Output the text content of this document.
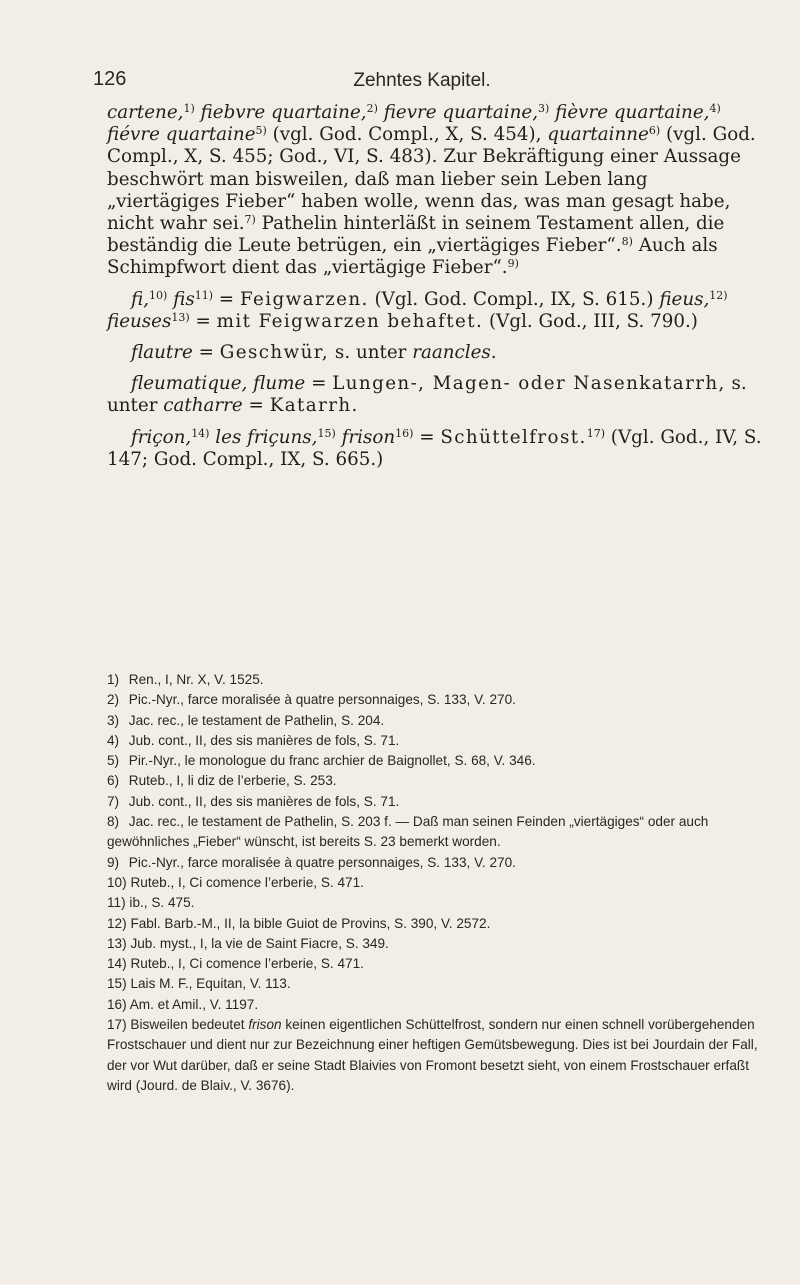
126	Zehntes Kapitel.

cartene,$^{1)}$ fiebvre quartaine,$^{2)}$ fievre quartaine,$^{3)}$ fièvre quartaine,$^{4)}$ fiévre quartaine$^{5)}$ (vgl. God. Compl., X, S. 454), quartainne$^{6)}$ (vgl. God. Compl., X, S. 455; God., VI, S. 483). Zur Bekräftigung einer Aussage beschwört man bisweilen, daß man lieber sein Leben lang „viertägiges Fieber“ haben wolle, wenn das, was man gesagt habe, nicht wahr sei.$^{7)}$ Pathelin hinterläßt in seinem Testament allen, die beständig die Leute betrügen, ein „viertägiges Fieber“.$^{8)}$ Auch als Schimpfwort dient das „viertägige Fieber“.$^{9)}$

fi,$^{10)}$ fis$^{11)}$ = Feigwarzen. (Vgl. God. Compl., IX, S. 615.) fieus,$^{12)}$ fieuses$^{13)}$ = mit Feigwarzen behaftet. (Vgl. God., III, S. 790.)

flautre = Geschwür, s. unter raancles.

fleumatique, flume = Lungen-, Magen- oder Nasenkatarrh, s. unter catharre = Katarrh.

friçon,$^{14)}$ les friçuns,$^{15)}$ frison$^{16)}$ = Schüttelfrost.$^{17)}$ (Vgl. God., IV, S. 147; God. Compl., IX, S. 665.)

1) Ren., I, Nr. X, V. 1525.

2) Pic.-Nyr., farce moralisée à quatre personnaiges, S. 133, V. 270.

3) Jac. rec., le testament de Pathelin, S. 204.

4) Jub. cont., II, des sis manières de fols, S. 71.

5) Pir.-Nyr., le monologue du franc archier de Baignollet, S. 68, V. 346.

6) Ruteb., I, li diz de l’erberie, S. 253.

7) Jub. cont., II, des sis manières de fols, S. 71.

8) Jac. rec., le testament de Pathelin, S. 203 f. — Daß man seinen Feinden „viertägiges“ oder auch gewöhnliches „Fieber“ wünscht, ist bereits S. 23 bemerkt worden.

9) Pic.-Nyr., farce moralisée à quatre personnaiges, S. 133, V. 270.

10) Ruteb., I, Ci comence l’erberie, S. 471.

11) ib., S. 475.

12) Fabl. Barb.-M., II, la bible Guiot de Provins, S. 390, V. 2572.

13) Jub. myst., I, la vie de Saint Fiacre, S. 349.

14) Ruteb., I, Ci comence l’erberie, S. 471.

15) Lais M. F., Equitan, V. 113.

16) Am. et Amil., V. 1197.

17) Bisweilen bedeutet frison keinen eigentlichen Schüttelfrost, sondern nur einen schnell vorübergehenden Frostschauer und dient nur zur Bezeichnung einer heftigen Gemütsbewegung. Dies ist bei Jourdain der Fall, der vor Wut darüber, daß er seine Stadt Blaivies von Fromont besetzt sieht, von einem Frostschauer erfaßt wird (Jourd. de Blaiv., V. 3676).
